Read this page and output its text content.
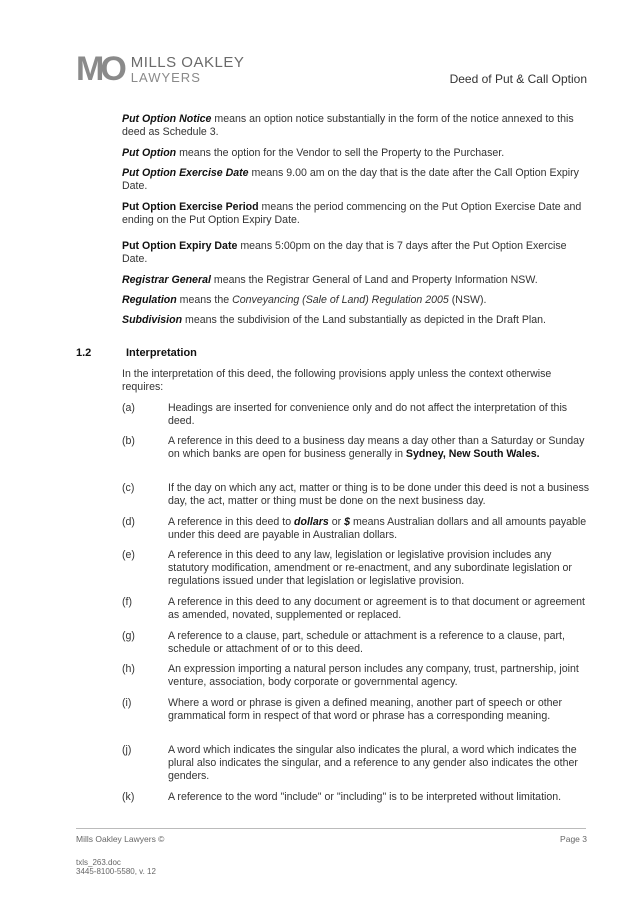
MO MILLS OAKLEY
LAWYERS	Deed of Put & Call Option
Put Option Notice means an option notice substantially in the form of the notice annexed to this deed as Schedule 3.
Put Option means the option for the Vendor to sell the Property to the Purchaser.
Put Option Exercise Date means 9.00 am on the day that is the date after the Call Option Expiry Date.
Put Option Exercise Period means the period commencing on the Put Option Exercise Date and ending on the Put Option Expiry Date.
Put Option Expiry Date means 5:00pm on the day that is 7 days after the Put Option Exercise Date.
Registrar General means the Registrar General of Land and Property Information NSW.
Regulation means the Conveyancing (Sale of Land) Regulation 2005 (NSW).
Subdivision means the subdivision of the Land substantially as depicted in the Draft Plan.
1.2	Interpretation
In the interpretation of this deed, the following provisions apply unless the context otherwise requires:
(a)	Headings are inserted for convenience only and do not affect the interpretation of this deed.
(b)	A reference in this deed to a business day means a day other than a Saturday or Sunday on which banks are open for business generally in Sydney, New South Wales.
(c)	If the day on which any act, matter or thing is to be done under this deed is not a business day, the act, matter or thing must be done on the next business day.
(d)	A reference in this deed to dollars or $ means Australian dollars and all amounts payable under this deed are payable in Australian dollars.
(e)	A reference in this deed to any law, legislation or legislative provision includes any statutory modification, amendment or re-enactment, and any subordinate legislation or regulations issued under that legislation or legislative provision.
(f)	A reference in this deed to any document or agreement is to that document or agreement as amended, novated, supplemented or replaced.
(g)	A reference to a clause, part, schedule or attachment is a reference to a clause, part, schedule or attachment of or to this deed.
(h)	An expression importing a natural person includes any company, trust, partnership, joint venture, association, body corporate or governmental agency.
(i)	Where a word or phrase is given a defined meaning, another part of speech or other grammatical form in respect of that word or phrase has a corresponding meaning.
(j)	A word which indicates the singular also indicates the plural, a word which indicates the plural also indicates the singular, and a reference to any gender also indicates the other genders.
(k)	A reference to the word "include" or "including" is to be interpreted without limitation.
Mills Oakley Lawyers ©	Page 3
txls_263.doc
3445-8100-5580, v. 12
